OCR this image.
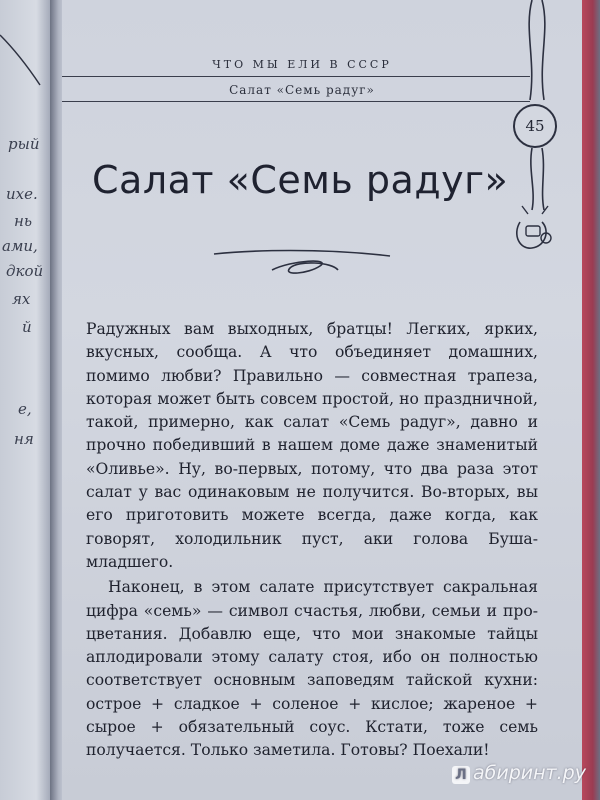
рый
ихе.
нь
ами,
дкой
ях
й
е,
ня
ЧТО МЫ ЕЛИ В СССР
Салат «Семь радуг»
45
Салат «Семь радуг»

Радужных вам выходных, братцы! Легких, ярких, вкусных, сообща. А что объединяет домашних, помимо любви? Правильно — совместная трапеза, которая может быть совсем простой, но праздничной, такой, примерно, как салат «Семь радуг», давно и прочно победивший в нашем доме даже знаменитый «Оливье». Ну, во-первых, потому, что два раза этот салат у вас одинаковым не получится. Во-вторых, вы его приготовить можете всегда, даже когда, как говорят, холодильник пуст, аки голова Буша-младшего.

Наконец, в этом салате присутствует сакральная цифра «семь» — символ счастья, любви, семьи и процветания. Добавлю еще, что мои знакомые тайцы аплодировали этому салату стоя, ибо он полностью соответствует основным заповедям тайской кухни: острое + сладкое + соленое + кислое; жареное + сырое + обязательный соус. Кстати, тоже семь получается. Только заметила. Готовы? Поехали!

Л абиринт.ру
